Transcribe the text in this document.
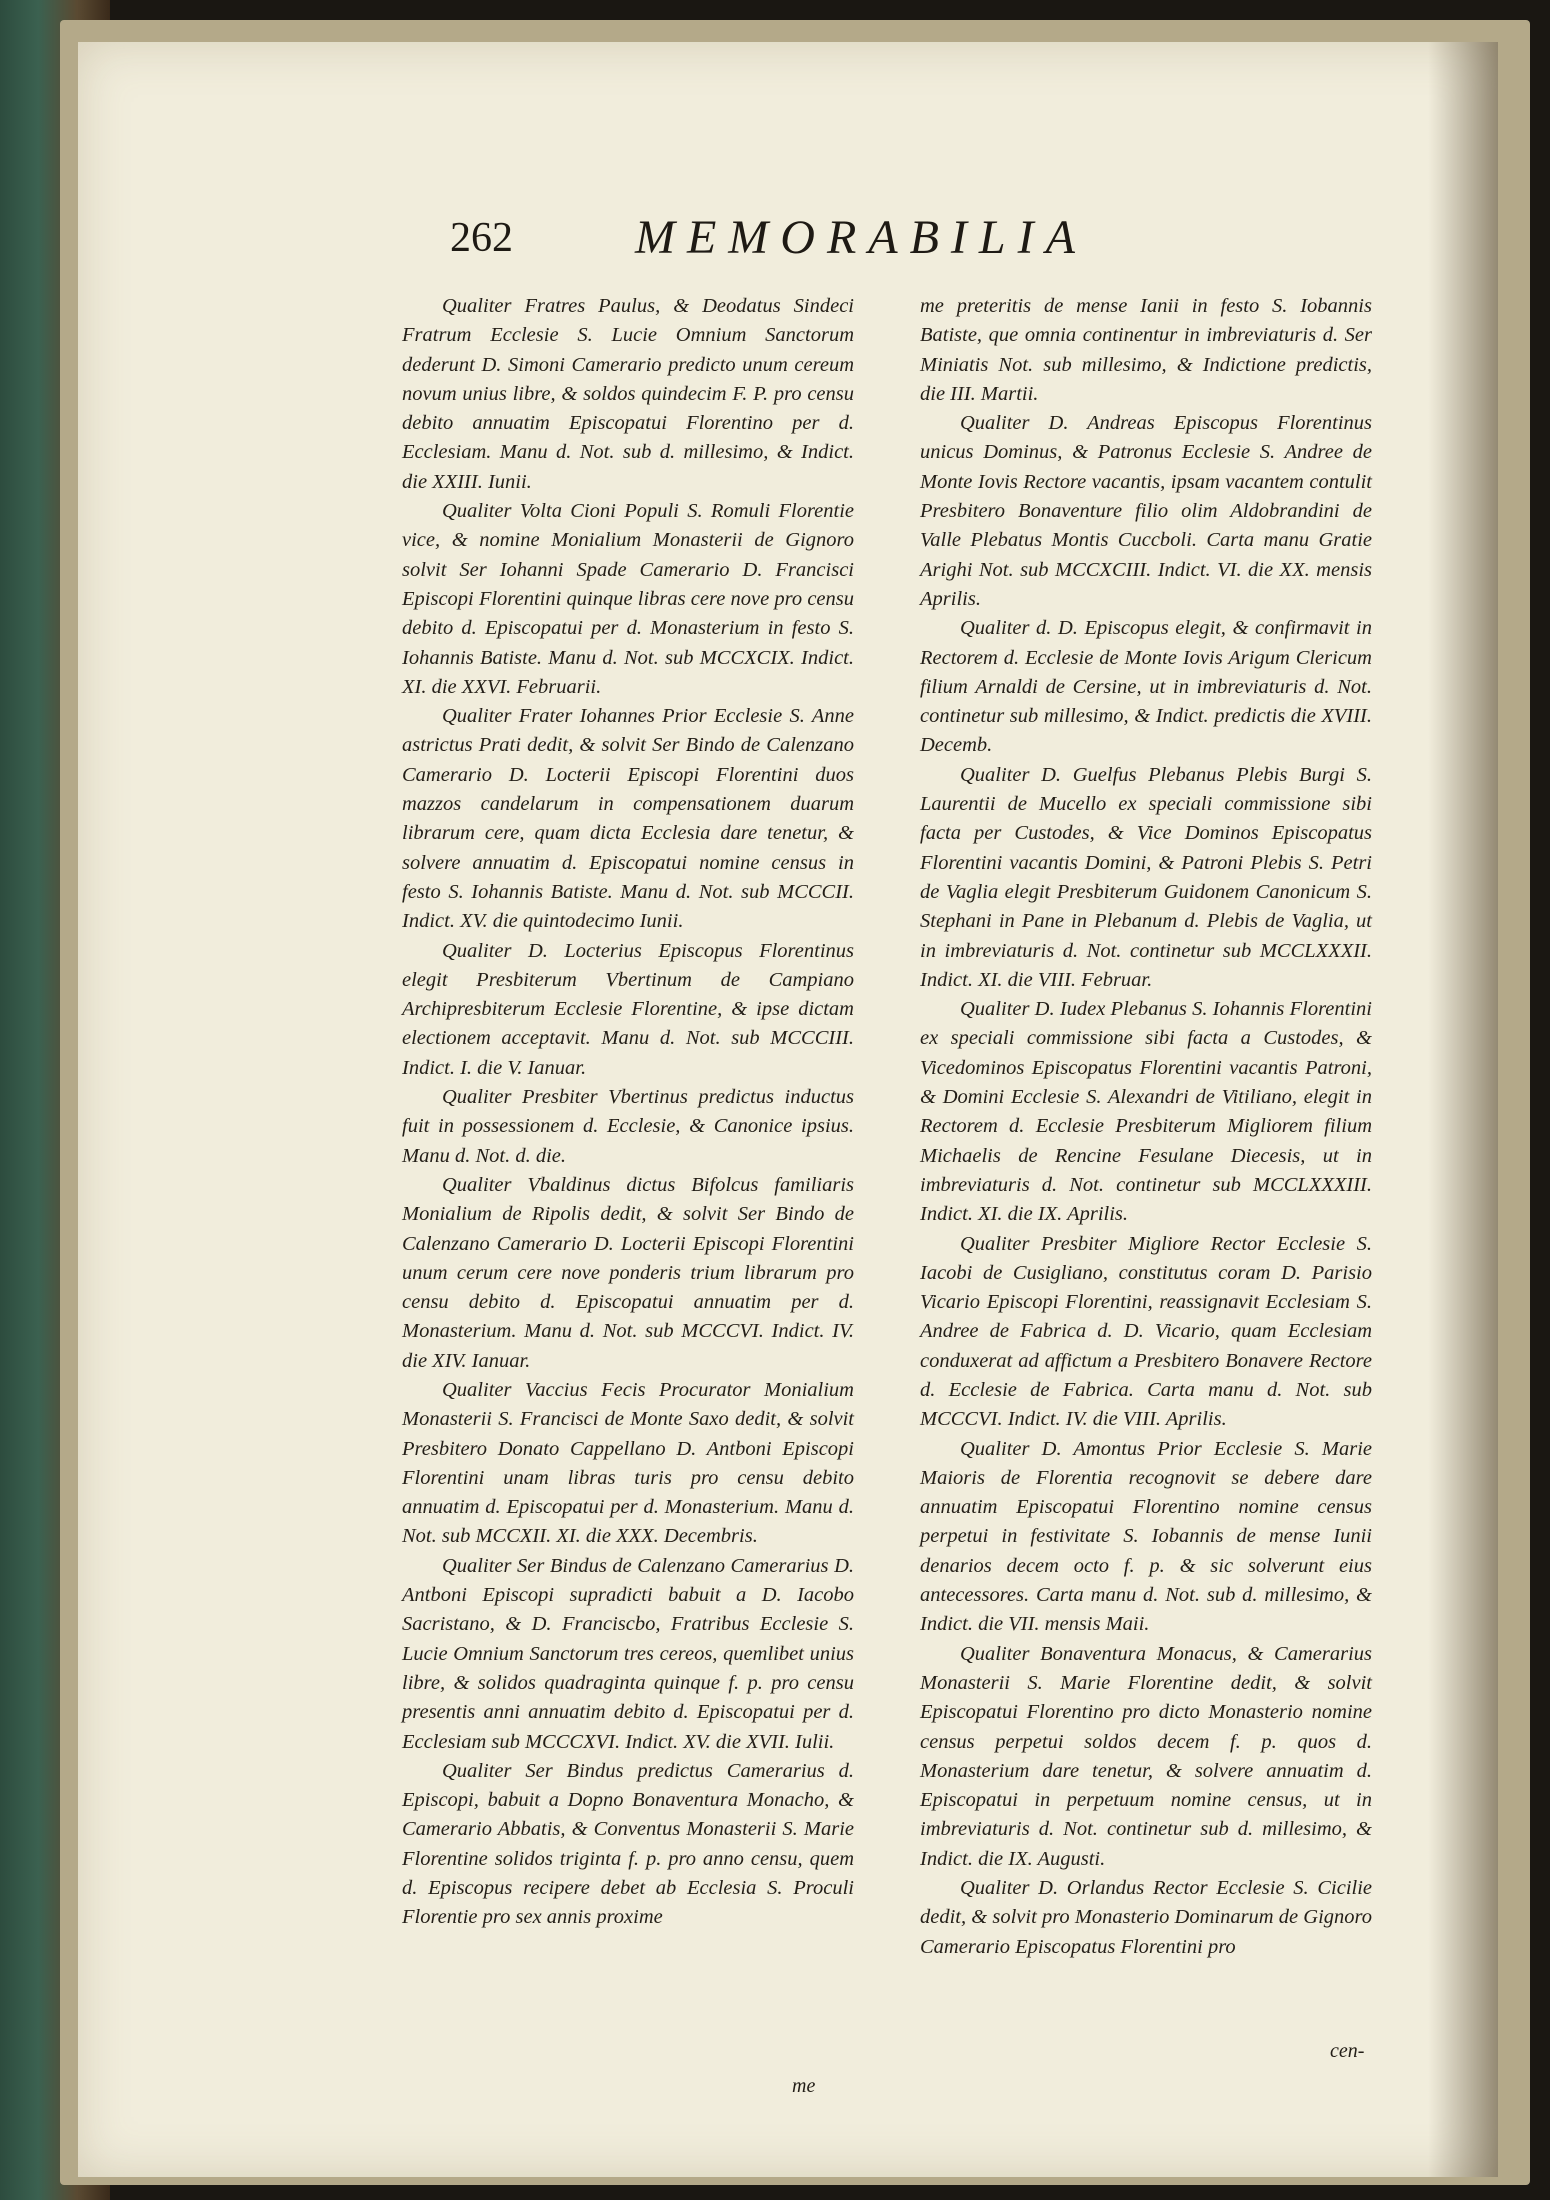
262	MEMORABILIA

Qualiter Fratres Paulus, & Deodatus Sindeci Fratrum Ecclesie S. Lucie Omnium Sanctorum dederunt D. Simoni Camerario predicto unum cereum novum unius libre, & soldos quindecim F. P. pro censu debito annuatim Episcopatui Florentino per d. Ecclesiam. Manu d. Not. sub d. millesimo, & Indict. die XXIII. Iunii.

Qualiter Volta Cioni Populi S. Romuli Florentie vice, & nomine Monialium Monasterii de Gignoro solvit Ser Iohanni Spade Camerario D. Francisci Episcopi Florentini quinque libras cere nove pro censu debito d. Episcopatui per d. Monasterium in festo S. Iohannis Batiste. Manu d. Not. sub MCCXCIX. Indict. XI. die XXVI. Februarii.

Qualiter Frater Iohannes Prior Ecclesie S. Anne astrictus Prati dedit, & solvit Ser Bindo de Calenzano Camerario D. Locterii Episcopi Florentini duos mazzos candelarum in compensationem duarum librarum cere, quam dicta Ecclesia dare tenetur, & solvere annuatim d. Episcopatui nomine census in festo S. Iohannis Batiste. Manu d. Not. sub MCCCII. Indict. XV. die quintodecimo Iunii.

Qualiter D. Locterius Episcopus Florentinus elegit Presbiterum Vbertinum de Campiano Archipresbiterum Ecclesie Florentine, & ipse dictam electionem acceptavit. Manu d. Not. sub MCCCIII. Indict. I. die V. Ianuar.

Qualiter Presbiter Vbertinus predictus inductus fuit in possessionem d. Ecclesie, & Canonice ipsius. Manu d. Not. d. die.

Qualiter Vbaldinus dictus Bifolcus familiaris Monialium de Ripolis dedit, & solvit Ser Bindo de Calenzano Camerario D. Locterii Episcopi Florentini unum cerum cere nove ponderis trium librarum pro censu debito d. Episcopatui annuatim per d. Monasterium. Manu d. Not. sub MCCCVI. Indict. IV. die XIV. Ianuar.

Qualiter Vaccius Fecis Procurator Monialium Monasterii S. Francisci de Monte Saxo dedit, & solvit Presbitero Donato Cappellano D. Antboni Episcopi Florentini unam libras turis pro censu debito annuatim d. Episcopatui per d. Monasterium. Manu d. Not. sub MCCXII. XI. die XXX. Decembris.

Qualiter Ser Bindus de Calenzano Camerarius D. Antboni Episcopi supradicti babuit a D. Iacobo Sacristano, & D. Franciscbo, Fratribus Ecclesie S. Lucie Omnium Sanctorum tres cereos, quemlibet unius libre, & solidos quadraginta quinque f. p. pro censu presentis anni annuatim debito d. Episcopatui per d. Ecclesiam sub MCCCXVI. Indict. XV. die XVII. Iulii.

Qualiter Ser Bindus predictus Camerarius d. Episcopi, babuit a Dopno Bonaventura Monacho, & Camerario Abbatis, & Conventus Monasterii S. Marie Florentine solidos triginta f. p. pro anno censu, quem d. Episcopus recipere debet ab Ecclesia S. Proculi Florentie pro sex annis proxime

me preteritis de mense Ianii in festo S. Iobannis Batiste, que omnia continentur in imbreviaturis d. Ser Miniatis Not. sub millesimo, & Indictione predictis, die III. Martii.

Qualiter D. Andreas Episcopus Florentinus unicus Dominus, & Patronus Ecclesie S. Andree de Monte Iovis Rectore vacantis, ipsam vacantem contulit Presbitero Bonaventure filio olim Aldobrandini de Valle Plebatus Montis Cuccboli. Carta manu Gratie Arighi Not. sub MCCXCIII. Indict. VI. die XX. mensis Aprilis.

Qualiter d. D. Episcopus elegit, & confirmavit in Rectorem d. Ecclesie de Monte Iovis Arigum Clericum filium Arnaldi de Cersine, ut in imbreviaturis d. Not. continetur sub millesimo, & Indict. predictis die XVIII. Decemb.

Qualiter D. Guelfus Plebanus Plebis Burgi S. Laurentii de Mucello ex speciali commissione sibi facta per Custodes, & Vice Dominos Episcopatus Florentini vacantis Domini, & Patroni Plebis S. Petri de Vaglia elegit Presbiterum Guidonem Canonicum S. Stephani in Pane in Plebanum d. Plebis de Vaglia, ut in imbreviaturis d. Not. continetur sub MCCLXXXII. Indict. XI. die VIII. Februar.

Qualiter D. Iudex Plebanus S. Iohannis Florentini ex speciali commissione sibi facta a Custodes, & Vicedominos Episcopatus Florentini vacantis Patroni, & Domini Ecclesie S. Alexandri de Vitiliano, elegit in Rectorem d. Ecclesie Presbiterum Migliorem filium Michaelis de Rencine Fesulane Diecesis, ut in imbreviaturis d. Not. continetur sub MCCLXXXIII. Indict. XI. die IX. Aprilis.

Qualiter Presbiter Migliore Rector Ecclesie S. Iacobi de Cusigliano, constitutus coram D. Parisio Vicario Episcopi Florentini, reassignavit Ecclesiam S. Andree de Fabrica d. D. Vicario, quam Ecclesiam conduxerat ad affictum a Presbitero Bonavere Rectore d. Ecclesie de Fabrica. Carta manu d. Not. sub MCCCVI. Indict. IV. die VIII. Aprilis.

Qualiter D. Amontus Prior Ecclesie S. Marie Maioris de Florentia recognovit se debere dare annuatim Episcopatui Florentino nomine census perpetui in festivitate S. Iobannis de mense Iunii denarios decem octo f. p. & sic solverunt eius antecessores. Carta manu d. Not. sub d. millesimo, & Indict. die VII. mensis Maii.

Qualiter Bonaventura Monacus, & Camerarius Monasterii S. Marie Florentine dedit, & solvit Episcopatui Florentino pro dicto Monasterio nomine census perpetui soldos decem f. p. quos d. Monasterium dare tenetur, & solvere annuatim d. Episcopatui in perpetuum nomine census, ut in imbreviaturis d. Not. continetur sub d. millesimo, & Indict. die IX. Augusti.

Qualiter D. Orlandus Rector Ecclesie S. Cicilie dedit, & solvit pro Monasterio Dominarum de Gignoro Camerario Episcopatus Florentini pro

me
cen-
